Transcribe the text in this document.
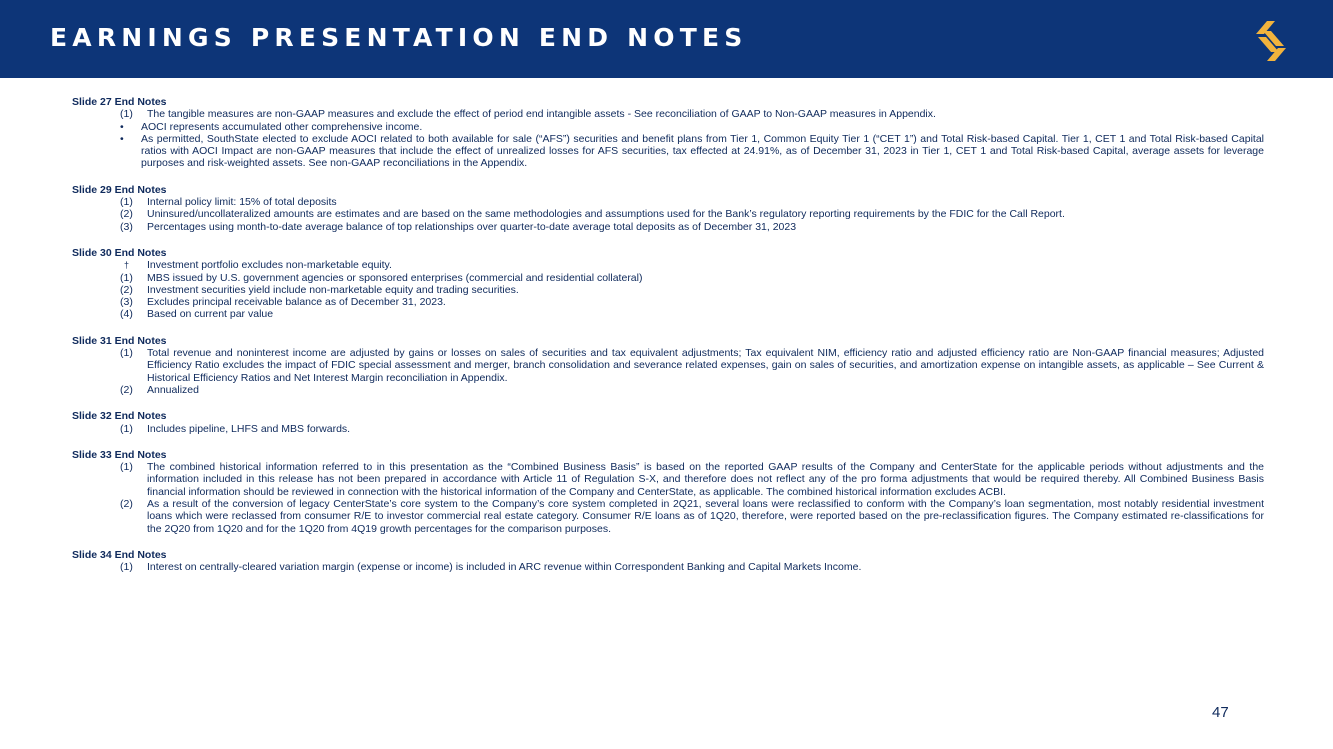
EARNINGS PRESENTATION END NOTES
Slide 27 End Notes
(1)	The tangible measures are non-GAAP measures and exclude the effect of period end intangible assets - See reconciliation of GAAP to Non-GAAP measures in Appendix.
•	AOCI represents accumulated other comprehensive income.
•	As permitted, SouthState elected to exclude AOCI related to both available for sale (“AFS”) securities and benefit plans from Tier 1, Common Equity Tier 1 (“CET 1”) and Total Risk-based Capital. Tier 1, CET 1 and Total Risk-based Capital ratios with AOCI Impact are non-GAAP measures that include the effect of unrealized losses for AFS securities, tax effected at 24.91%, as of December 31, 2023 in Tier 1, CET 1 and Total Risk-based Capital, average assets for leverage purposes and risk-weighted assets. See non-GAAP reconciliations in the Appendix.
Slide 29 End Notes
(1)	Internal policy limit: 15% of total deposits
(2)	Uninsured/uncollateralized amounts are estimates and are based on the same methodologies and assumptions used for the Bank’s regulatory reporting requirements by the FDIC for the Call Report.
(3)	Percentages using month-to-date average balance of top relationships over quarter-to-date average total deposits as of December 31, 2023
Slide 30 End Notes
†	Investment portfolio excludes non-marketable equity.
(1)	MBS issued by U.S. government agencies or sponsored enterprises (commercial and residential collateral)
(2)	Investment securities yield include non-marketable equity and trading securities.
(3)	Excludes principal receivable balance as of December 31, 2023.
(4)	Based on current par value
Slide 31 End Notes
(1)	Total revenue and noninterest income are adjusted by gains or losses on sales of securities and tax equivalent adjustments; Tax equivalent NIM, efficiency ratio and adjusted efficiency ratio are Non-GAAP financial measures; Adjusted Efficiency Ratio excludes the impact of FDIC special assessment and merger, branch consolidation and severance related expenses, gain on sales of securities, and amortization expense on intangible assets, as applicable – See Current & Historical Efficiency Ratios and Net Interest Margin reconciliation in Appendix.
(2)	Annualized
Slide 32 End Notes
(1)	Includes pipeline, LHFS and MBS forwards.
Slide 33 End Notes
(1)	The combined historical information referred to in this presentation as the “Combined Business Basis” is based on the reported GAAP results of the Company and CenterState for the applicable periods without adjustments and the information included in this release has not been prepared in accordance with Article 11 of Regulation S-X, and therefore does not reflect any of the pro forma adjustments that would be required thereby. All Combined Business Basis financial information should be reviewed in connection with the historical information of the Company and CenterState, as applicable. The combined historical information excludes ACBI.
(2)	As a result of the conversion of legacy CenterState’s core system to the Company’s core system completed in 2Q21, several loans were reclassified to conform with the Company’s loan segmentation, most notably residential investment loans which were reclassed from consumer R/E to investor commercial real estate category. Consumer R/E loans as of 1Q20, therefore, were reported based on the pre-reclassification figures. The Company estimated re-classifications for the 2Q20 from 1Q20 and for the 1Q20 from 4Q19 growth percentages for the comparison purposes.
Slide 34 End Notes
(1)	Interest on centrally-cleared variation margin (expense or income) is included in ARC revenue within Correspondent Banking and Capital Markets Income.
47
